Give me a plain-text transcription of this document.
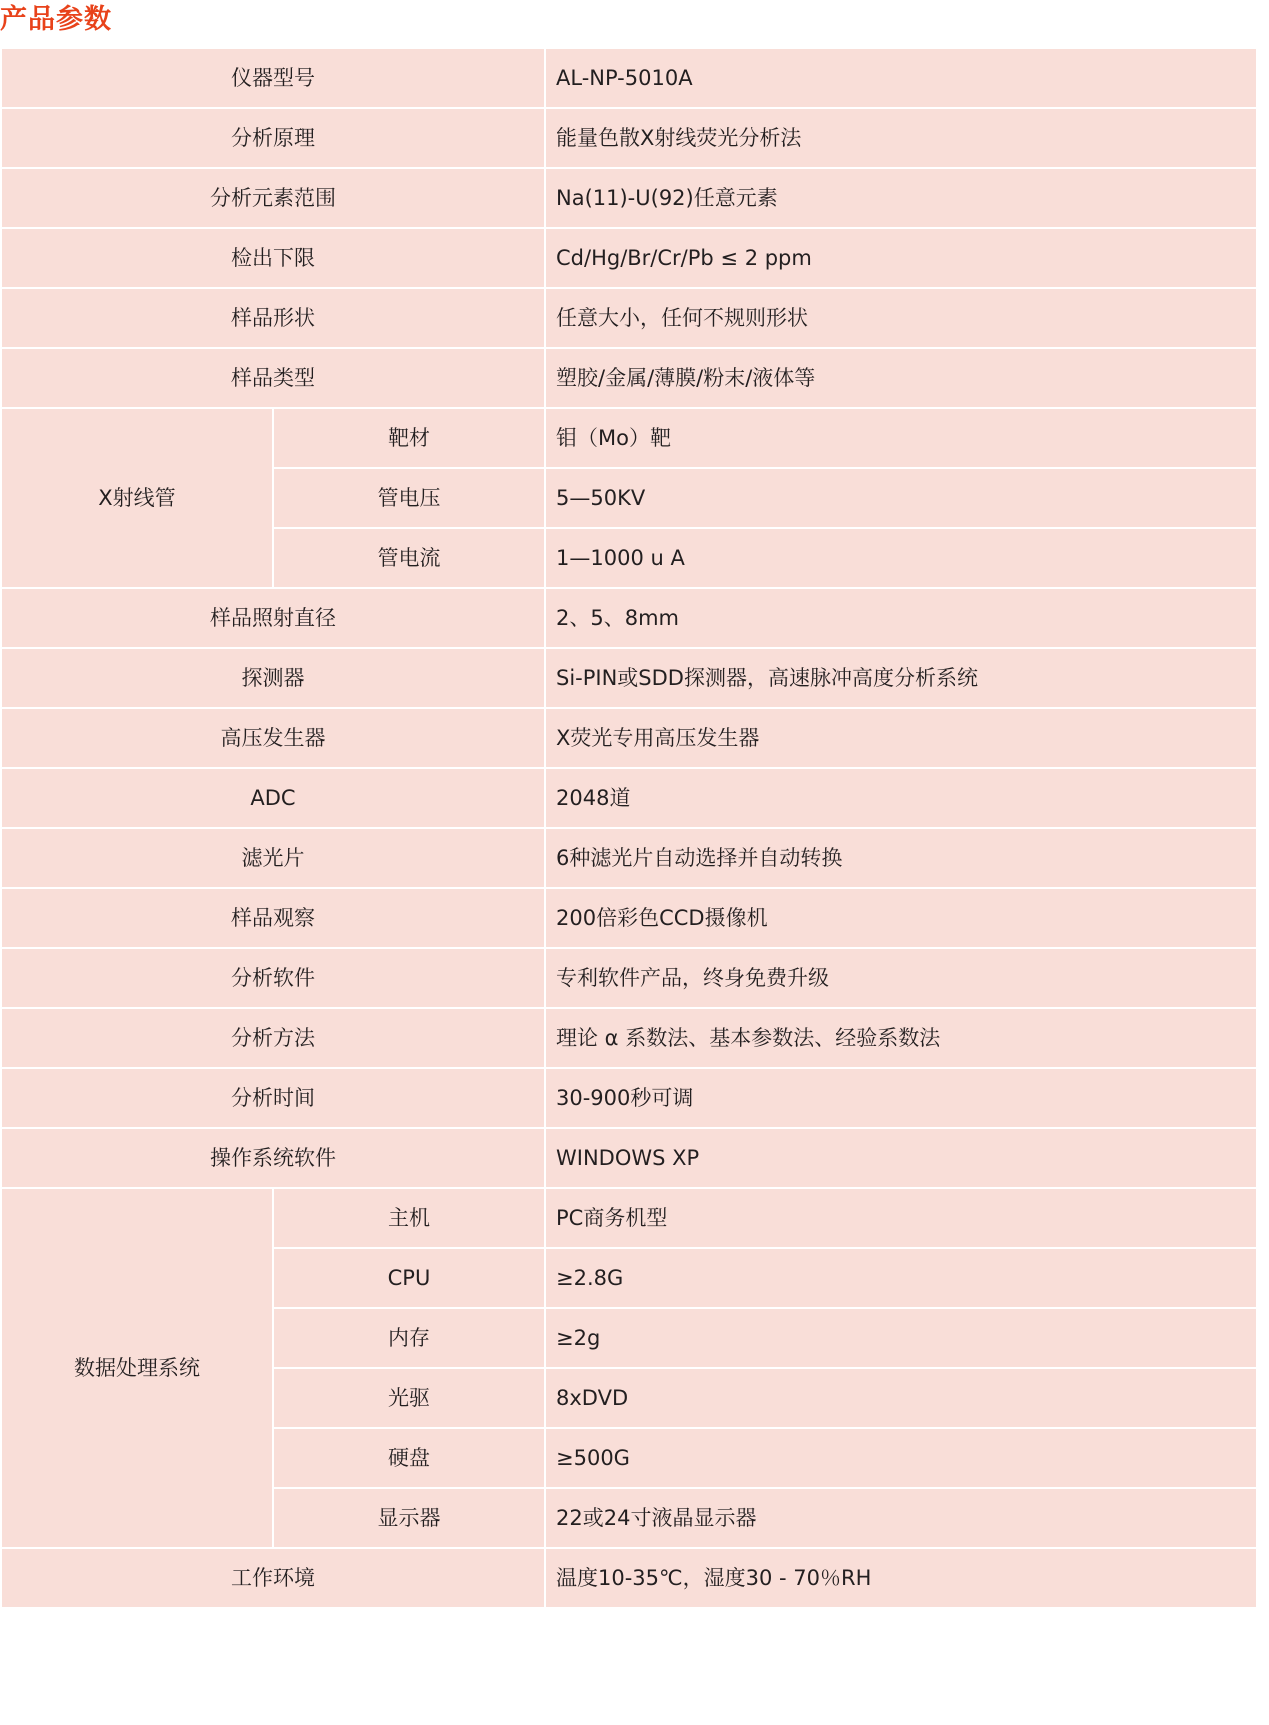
产品参数
仪器型号		AL-NP-5010A
分析原理		能量色散X射线荧光分析法
分析元素范围		Na(11)-U(92)任意元素
检出下限		Cd/Hg/Br/Cr/Pb ≤ 2 ppm
样品形状		任意大小，任何不规则形状
样品类型		塑胶/金属/薄膜/粉末/液体等
X射线管	靶材	钼（Mo）靶
	管电压	5—50KV
	管电流	1—1000 u A
样品照射直径		2、5、8mm
探测器		Si-PIN或SDD探测器，高速脉冲高度分析系统
高压发生器		X荧光专用高压发生器
ADC		2048道
滤光片		6种滤光片自动选择并自动转换
样品观察		200倍彩色CCD摄像机
分析软件		专利软件产品，终身免费升级
分析方法		理论 α 系数法、基本参数法、经验系数法
分析时间		30-900秒可调
操作系统软件		WINDOWS XP
数据处理系统	主机	PC商务机型
	CPU	≥2.8G
	内存	≥2g
	光驱	8xDVD
	硬盘	≥500G
	显示器	22或24寸液晶显示器
工作环境		温度10-35℃，湿度30 - 70％RH
